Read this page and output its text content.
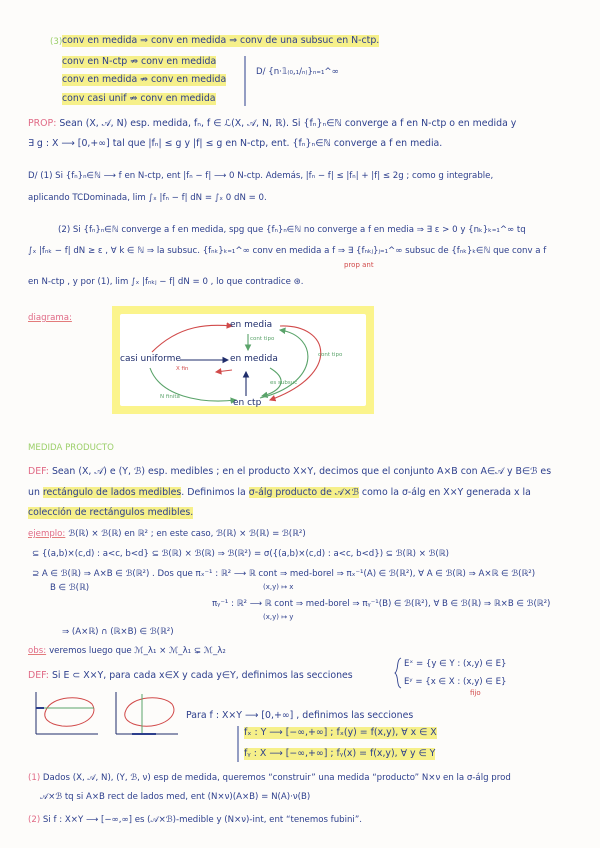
(3) conv en medida ⇒ conv en medida ⇒ conv de una subsuc en N-ctp.
conv en N-ctp ⇏ conv en medida
conv en medida ⇏ conv en medida
conv casi unif ⇏ conv en medida
D/ {n·𝟙₍₀,₁/ₙ₎}ₙ₌₁^∞
PROP: Sean (X, 𝒜, N) esp. medida, fₙ, f ∈ ℒ(X, 𝒜, N, ℝ). Si {fₙ}ₙ∈ℕ converge a f en N-ctp o en medida y
∃ g : X ⟶ [0,+∞] tal que |fₙ| ≤ g y |f| ≤ g en N-ctp, ent. {fₙ}ₙ∈ℕ converge a f en media.
D/ (1) Si {fₙ}ₙ∈ℕ ⟶ f en N-ctp, ent |fₙ − f| ⟶ 0 N-ctp. Además, |fₙ − f| ≤ |fₙ| + |f| ≤ 2g ; como g integrable,
aplicando TCDominada, lim ∫ₓ |fₙ − f| dN = ∫ₓ 0 dN = 0.
(2) Si {fₙ}ₙ∈ℕ converge a f en medida, spg que {fₙ}ₙ∈ℕ no converge a f en media ⇒ ∃ ε > 0 y {nₖ}ₖ₌₁^∞ tq
∫ₓ |fₙₖ − f| dN ≥ ε , ∀ k ∈ ℕ ⇒ la subsuc. {fₙₖ}ₖ₌₁^∞ conv en medida a f ⇒ ∃ {fₙₖⱼ}ⱼ₌₁^∞ subsuc de {fₙₖ}ₖ∈ℕ que conv a f
prop ant
en N-ctp , y por (1), lim ∫ₓ |fₙₖⱼ − f| dN = 0 , lo que contradice ⊛.
diagrama:
en media
casi uniforme	en medida
en ctp
X fin
N finita
cont tipo
es subsuc
cont tipo
MEDIDA PRODUCTO
DEF: Sean (X, 𝒜) e (Y, ℬ) esp. medibles ; en el producto X×Y, decimos que el conjunto A×B con A∈𝒜 y B∈ℬ es
un rectángulo de lados medibles. Definimos la σ-álg producto de 𝒜×ℬ como la σ-álg en X×Y generada x la
colección de rectángulos medibles.
ejemplo: ℬ(ℝ) × ℬ(ℝ) en ℝ² ; en este caso, ℬ(ℝ) × ℬ(ℝ) = ℬ(ℝ²)
⊆ {(a,b)×(c,d) : a<c, b<d} ⊆ ℬ(ℝ) × ℬ(ℝ) ⇒ ℬ(ℝ²) = σ({(a,b)×(c,d) : a<c, b<d}) ⊆ ℬ(ℝ) × ℬ(ℝ)
⊇ A ∈ ℬ(ℝ) ⇒ A×B ∈ ℬ(ℝ²) . Dos que πₓ⁻¹ : ℝ² ⟶ ℝ cont ⇒ med-borel ⇒ πₓ⁻¹(A) ∈ ℬ(ℝ²), ∀ A ∈ ℬ(ℝ) ⇒ A×ℝ ∈ ℬ(ℝ²)
B ∈ ℬ(ℝ)	(x,y) ↦ x
πᵧ⁻¹ : ℝ² ⟶ ℝ cont ⇒ med-borel ⇒ πᵧ⁻¹(B) ∈ ℬ(ℝ²), ∀ B ∈ ℬ(ℝ) ⇒ ℝ×B ∈ ℬ(ℝ²)
(x,y) ↦ y
⇒ (A×ℝ) ∩ (ℝ×B) ∈ ℬ(ℝ²)
obs: veremos luego que ℳ_λ₁ × ℳ_λ₁ ⊊ ℳ_λ₂
DEF: Si E ⊂ X×Y, para cada x∈X y cada y∈Y, definimos las secciones
Eˣ = {y ∈ Y : (x,y) ∈ E}
Eʸ = {x ∈ X : (x,y) ∈ E}
fijo
Para f : X×Y ⟶ [0,+∞] , definimos las secciones
fₓ : Y ⟶ [−∞,+∞] ; fₓ(y) = f(x,y), ∀ x ∈ X
fᵧ : X ⟶ [−∞,+∞] ; fᵧ(x) = f(x,y), ∀ y ∈ Y
(1) Dados (X, 𝒜, N), (Y, ℬ, ν) esp de medida, queremos “construir” una medida “producto” N×ν en la σ-álg prod
𝒜×ℬ tq si A×B rect de lados med, ent (N×ν)(A×B) = N(A)·ν(B)
(2) Si f : X×Y ⟶ [−∞,∞] es (𝒜×ℬ)-medible y (N×ν)-int, ent “tenemos fubini”.
